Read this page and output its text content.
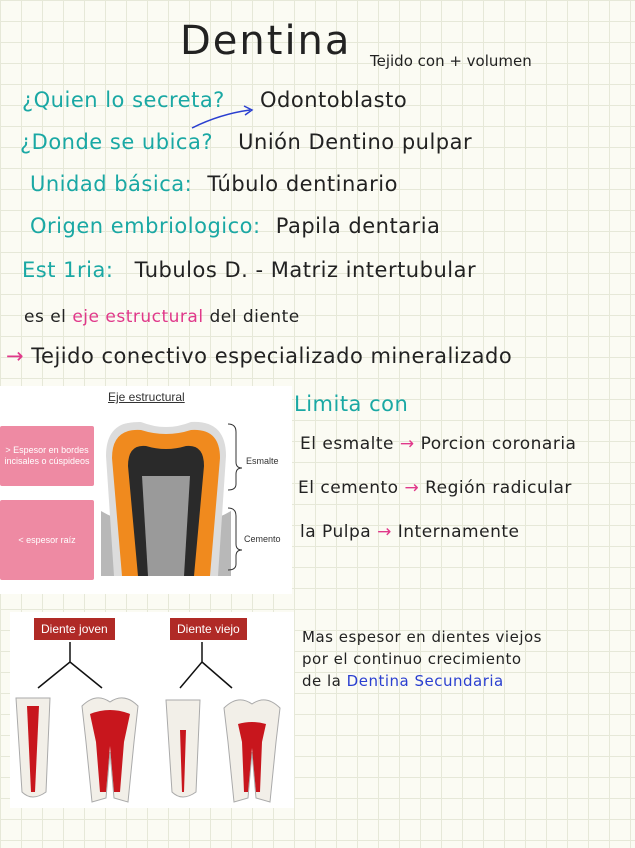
Dentina Tejido con + volumen
¿Quien lo secreta? Odontoblasto
¿Donde se ubica? Unión Dentino pulpar
Unidad básica: Túbulo dentinario
Origen embriologico: Papila dentaria
Est 1ria: Tubulos D. - Matriz intertubular
es el eje estructural del diente
→ Tejido conectivo especializado mineralizado
Eje estructural
> Espesor en bordes incisales o cúspideos
< espesor raíz
Esmalte
Cemento
Limita con
El esmalte → Porcion coronaria
El cemento → Región radicular
la Pulpa → Internamente
Diente joven	Diente viejo	Mas espesor en dientes viejos
por el continuo crecimiento
de la Dentina Secundaria
